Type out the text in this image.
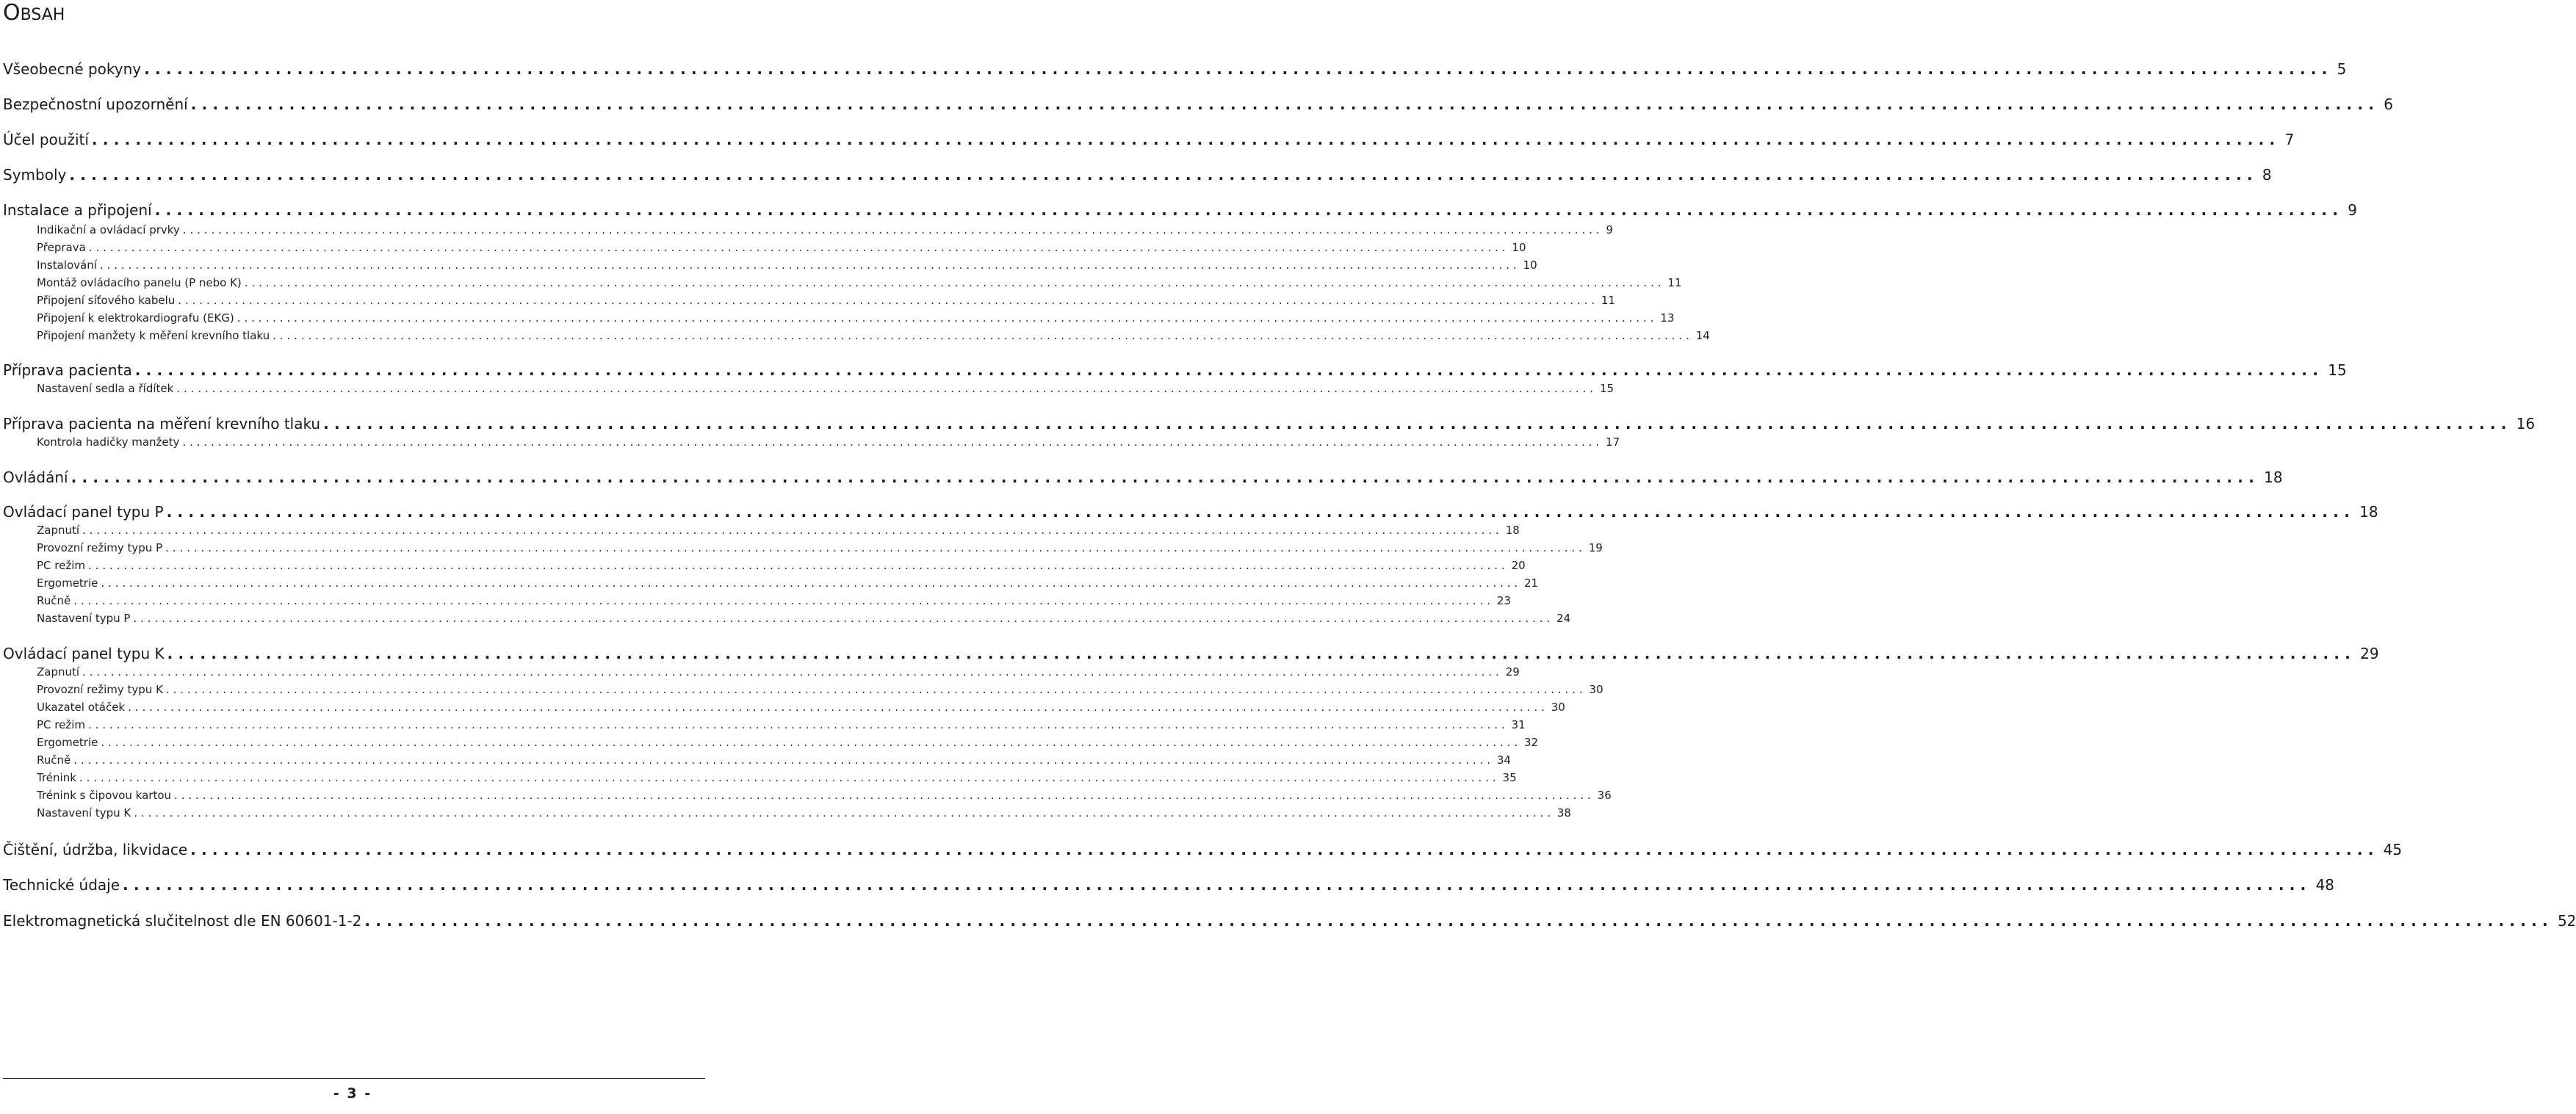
OBSAH
Všeobecné pokyny ........................................................................................................................................................................................................ 5
Bezpečnostní upozornění ........................................................................................................................................................................................................ 6
Účel použití ........................................................................................................................................................................................................ 7
Symboly ........................................................................................................................................................................................................ 8
Instalace a připojení ........................................................................................................................................................................................................ 9
Indikační a ovládací prvky ........................................................................................................................................................................................................ 9
Přeprava ........................................................................................................................................................................................................ 10
Instalování ........................................................................................................................................................................................................ 10
Montáž ovládacího panelu (P nebo K) ........................................................................................................................................................................................................ 11
Připojení síťového kabelu ........................................................................................................................................................................................................ 11
Připojení k elektrokardiografu (EKG) ........................................................................................................................................................................................................ 13
Připojení manžety k měření krevního tlaku ........................................................................................................................................................................................................ 14
Příprava pacienta ........................................................................................................................................................................................................ 15
Nastavení sedla a řídítek ........................................................................................................................................................................................................ 15
Příprava pacienta na měření krevního tlaku ........................................................................................................................................................................................................ 16
Kontrola hadičky manžety ........................................................................................................................................................................................................ 17
Ovládání ........................................................................................................................................................................................................ 18
Ovládací panel typu P ........................................................................................................................................................................................................ 18
Zapnutí ........................................................................................................................................................................................................ 18
Provozní režimy typu P ........................................................................................................................................................................................................ 19
PC režim ........................................................................................................................................................................................................ 20
Ergometrie ........................................................................................................................................................................................................ 21
Ručně ........................................................................................................................................................................................................ 23
Nastavení typu P ........................................................................................................................................................................................................ 24
Ovládací panel typu K ........................................................................................................................................................................................................ 29
Zapnutí ........................................................................................................................................................................................................ 29
Provozní režimy typu K ........................................................................................................................................................................................................ 30
Ukazatel otáček ........................................................................................................................................................................................................ 30
PC režim ........................................................................................................................................................................................................ 31
Ergometrie ........................................................................................................................................................................................................ 32
Ručně ........................................................................................................................................................................................................ 34
Trénink ........................................................................................................................................................................................................ 35
Trénink s čipovou kartou ........................................................................................................................................................................................................ 36
Nastavení typu K ........................................................................................................................................................................................................ 38
Čištění, údržba, likvidace ........................................................................................................................................................................................................ 45
Technické údaje ........................................................................................................................................................................................................ 48
Elektromagnetická slučitelnost dle EN 60601-1-2 ........................................................................................................................................................................................................ 52
- 3 -
